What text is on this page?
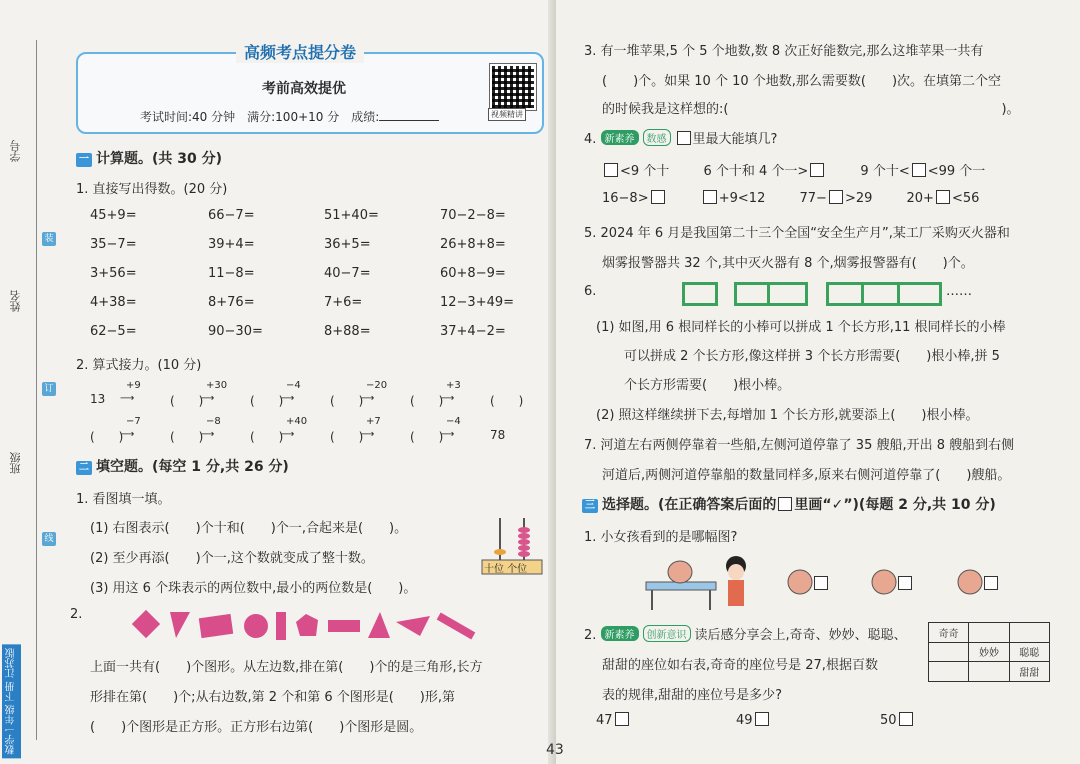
学号
姓名
班级
装
订
线
数学一年级 下册 江苏版
高频考点提分卷
考前高效提优
考试时间:40 分钟　满分:100+10 分　成绩:	视频精讲
一 计算题。(共 30 分)
1. 直接写出得数。(20 分)
45+9=	66−7=	51+40=	70−2−8=
35−7=	39+4=	36+5=	26+8+8=
3+56=	11−8=	40−7=	60+8−9=
4+38=	8+76=	7+6=	12−3+49=
62−5=	90−30=	8+88=	37+4−2=
2. 算式接力。(10 分)
13	(　　)	(　　)	(　　)	(　　)	(　　)
+9
⟶
+30
⟶
−4
⟶
−20
⟶
+3
⟶
(　　)	(　　)	(　　)	(　　)	(　　)	78
−7
⟶
−8
⟶
+40
⟶
+7
⟶
−4
⟶
二 填空题。(每空 1 分,共 26 分)
1. 看图填一填。
(1) 右图表示(　　)个十和(　　)个一,合起来是(　　)。
(2) 至少再添(　　)个一,这个数就变成了整十数。
(3) 用这 6 个珠表示的两位数中,最小的两位数是(　　)。
十位 个位
2.
上面一共有(　　)个图形。从左边数,排在第(　　)个的是三角形,长方
形排在第(　　)个;从右边数,第 2 个和第 6 个图形是(　　)形,第
(　　)个图形是正方形。正方形右边第(　　)个图形是圆。
3. 有一堆苹果,5 个 5 个地数,数 8 次正好能数完,那么这堆苹果一共有
(　　)个。如果 10 个 10 个地数,那么需要数(　　)次。在填第二个空
的时候我是这样想的:(　　　　　　　　　　　　　　　　　　　　　)。
4. 新素养 数感 里最大能填几?
<9 个十	6 个十和 4 个一>	9 个十< <99 个一
16−8>	+9<12	77− >29	20+ <56
5. 2024 年 6 月是我国第二十三个全国“安全生产月”,某工厂采购灭火器和
烟雾报警器共 32 个,其中灭火器有 8 个,烟雾报警器有(　　)个。
6.	……
(1) 如图,用 6 根同样长的小棒可以拼成 1 个长方形,11 根同样长的小棒
可以拼成 2 个长方形,像这样拼 3 个长方形需要(　　)根小棒,拼 5
个长方形需要(　　)根小棒。
(2) 照这样继续拼下去,每增加 1 个长方形,就要添上(　　)根小棒。
7. 河道左右两侧停靠着一些船,左侧河道停靠了 35 艘船,开出 8 艘船到右侧
河道后,两侧河道停靠船的数量同样多,原来右侧河道停靠了(　　)艘船。
三 选择题。(在正确答案后面的 里画“✓”)(每题 2 分,共 10 分)
1. 小女孩看到的是哪幅图?
2. 新素养 创新意识 读后感分享会上,奇奇、妙妙、聪聪、
甜甜的座位如右表,奇奇的座位号是 27,根据百数
表的规律,甜甜的座位号是多少?
47	49	50
奇奇		
	妙妙	聪聪
		甜甜
43
